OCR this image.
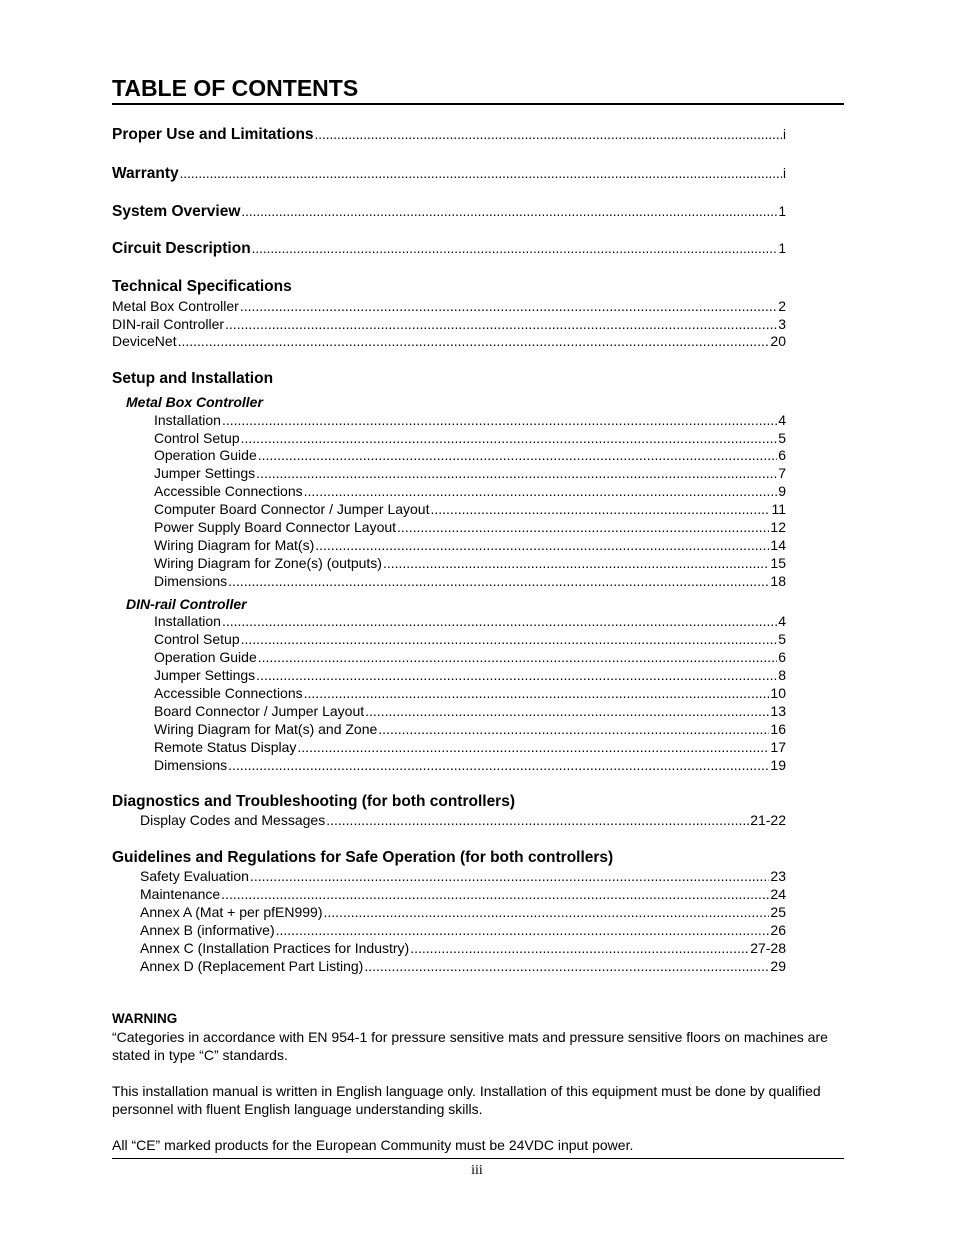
TABLE OF CONTENTS
Proper Use and Limitations .....	i
Warranty .....	i
System Overview .....	1
Circuit Description .....	1
Technical Specifications
Metal Box Controller .....	2
DIN-rail Controller .....	3
DeviceNet .....	20
Setup and Installation
Metal Box Controller
Installation .....	4
Control Setup .....	5
Operation Guide .....	6
Jumper Settings .....	7
Accessible Connections .....	9
Computer Board Connector / Jumper Layout .....	11
Power Supply Board Connector Layout .....	12
Wiring Diagram for Mat(s) .....	14
Wiring Diagram for Zone(s) (outputs) .....	15
Dimensions .....	18
DIN-rail Controller
Installation .....	4
Control Setup .....	5
Operation Guide .....	6
Jumper Settings .....	8
Accessible Connections .....	10
Board Connector / Jumper Layout .....	13
Wiring Diagram for Mat(s) and Zone .....	16
Remote Status Display .....	17
Dimensions .....	19
Diagnostics and Troubleshooting (for both controllers)
Display Codes and Messages .....	21-22
Guidelines and Regulations for Safe Operation (for both controllers)
Safety Evaluation .....	23
Maintenance .....	24
Annex A (Mat + per pfEN999) .....	25
Annex B (informative) .....	26
Annex C (Installation Practices for Industry) .....	27-28
Annex D (Replacement Part Listing) .....	29
WARNING
“Categories in accordance with EN 954-1 for pressure sensitive mats and pressure sensitive floors on machines are stated in type “C” standards.
This installation manual is written in English language only. Installation of this equipment must be done by qualified personnel with fluent English language understanding skills.
All “CE” marked products for the European Community must be 24VDC input power.
iii
